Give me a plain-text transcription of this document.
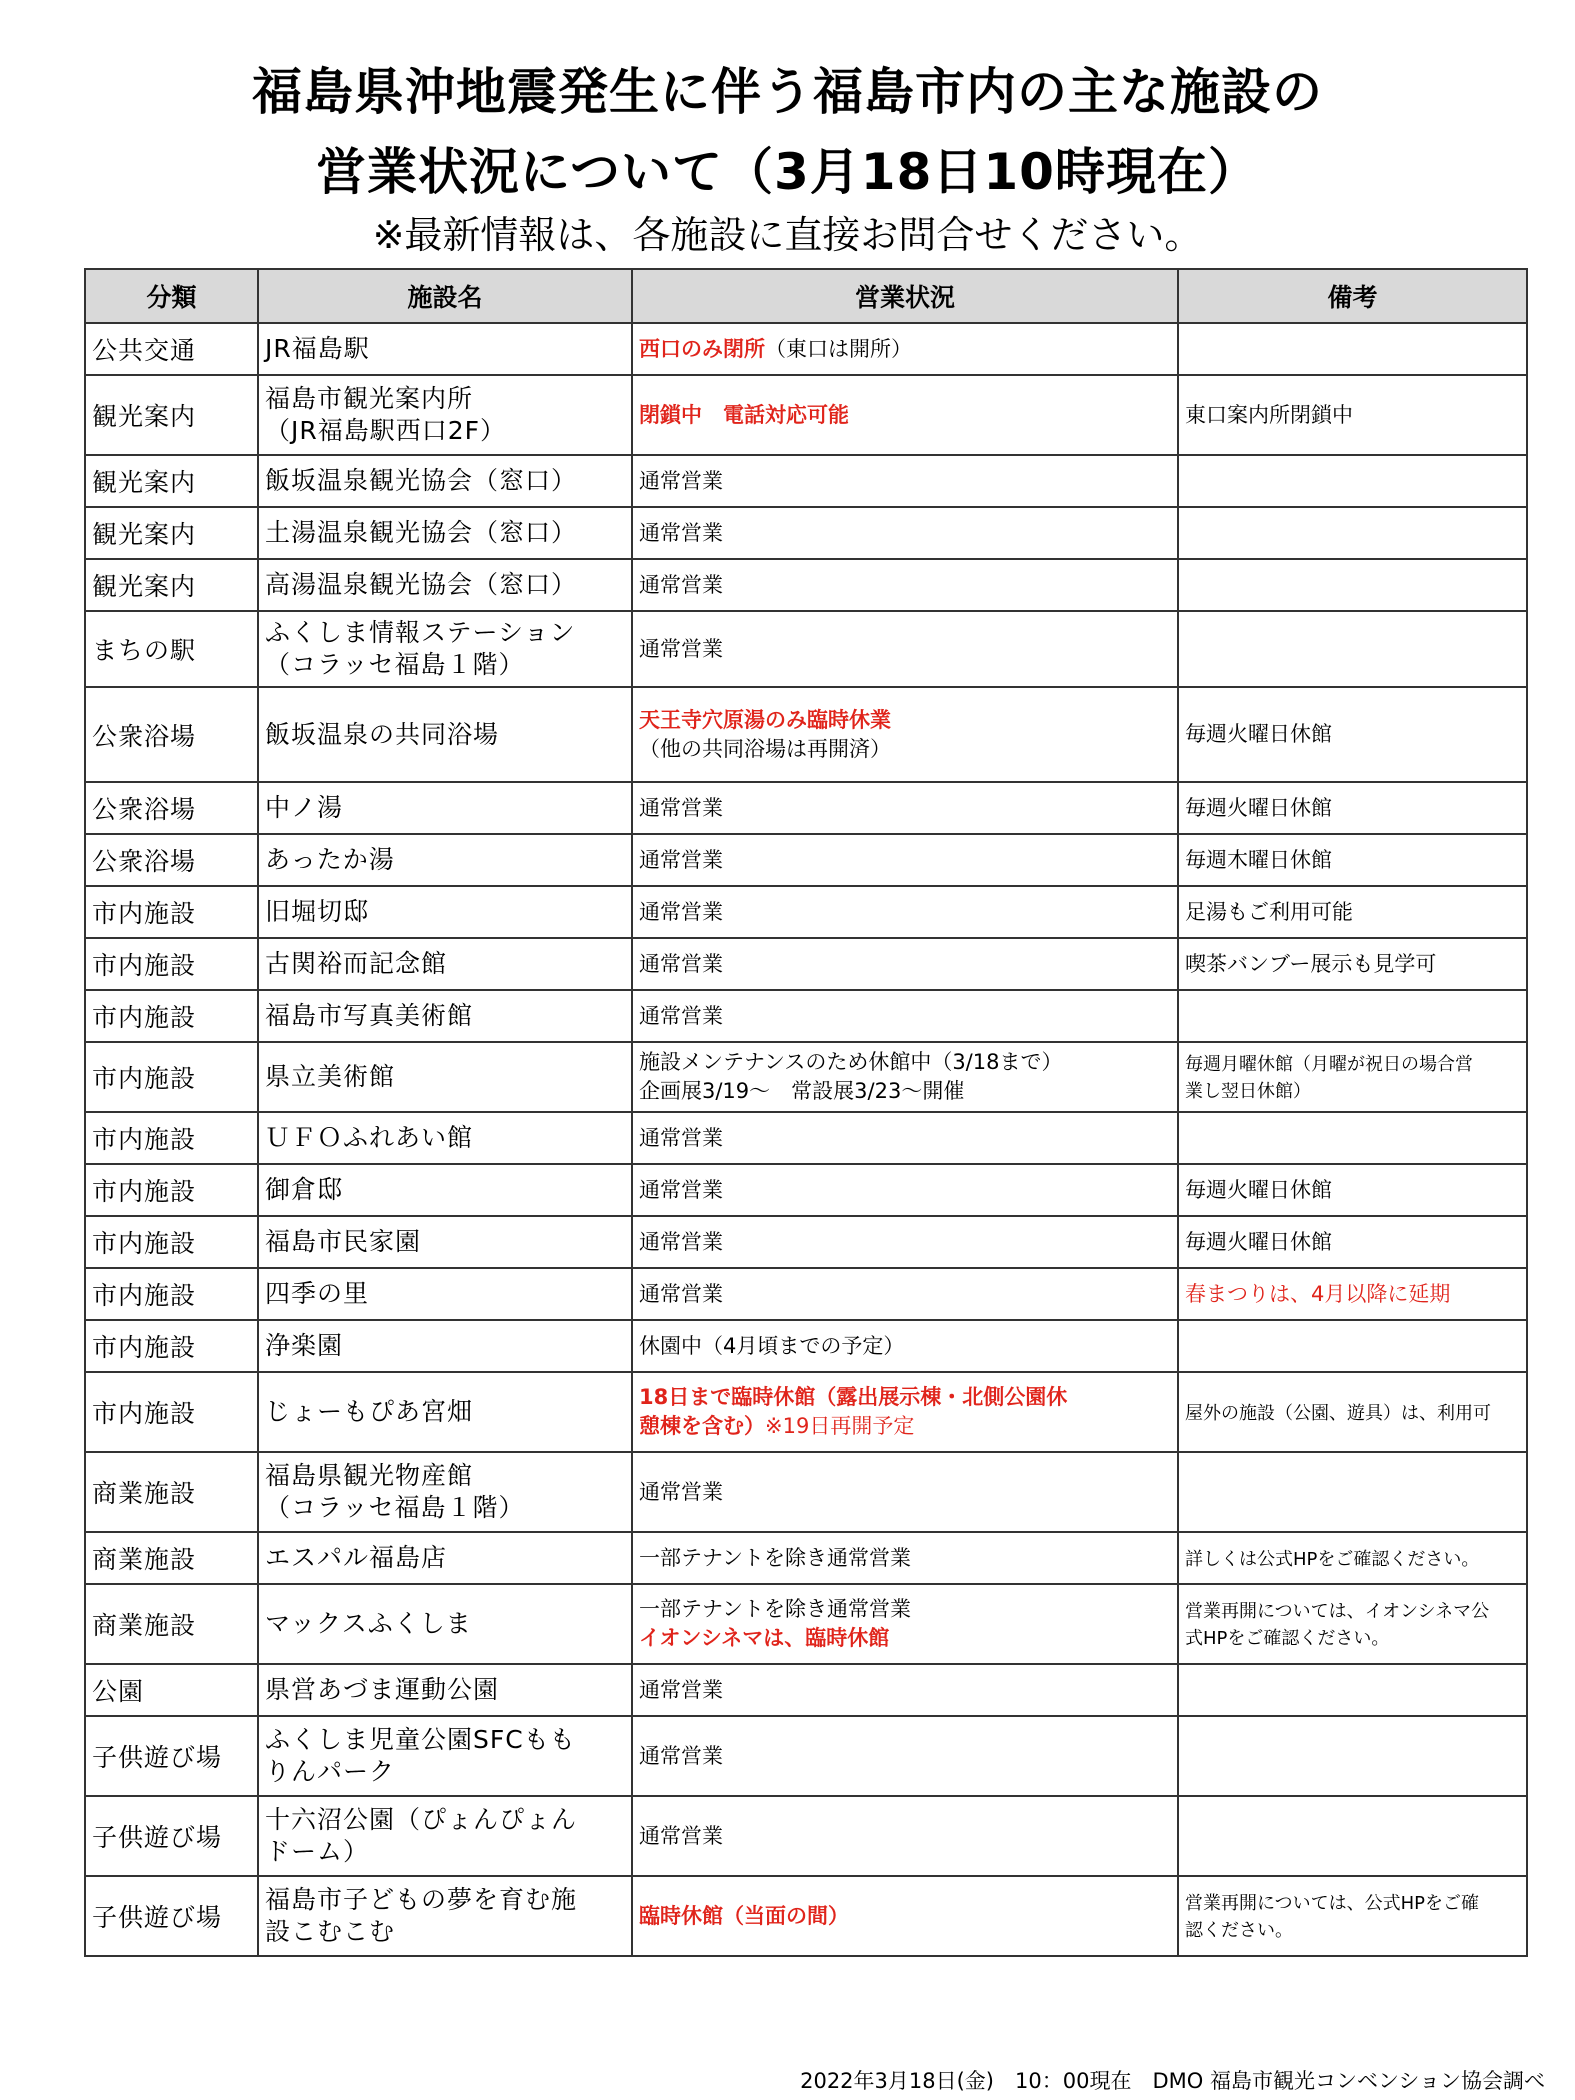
福島県沖地震発生に伴う福島市内の主な施設の
営業状況について（3月18日10時現在）
※最新情報は、各施設に直接お問合せください。
分類	施設名	営業状況	備考
公共交通	JR福島駅	西口のみ閉所（東口は開所）	

観光案内	福島市観光案内所
（JR福島駅西口2F）	閉鎖中　電話対応可能	東口案内所閉鎖中

観光案内	飯坂温泉観光協会（窓口）	通常営業	

観光案内	土湯温泉観光協会（窓口）	通常営業	

観光案内	高湯温泉観光協会（窓口）	通常営業	

まちの駅	ふくしま情報ステーション
（コラッセ福島１階）	通常営業	

公衆浴場	飯坂温泉の共同浴場	天王寺穴原湯のみ臨時休業
（他の共同浴場は再開済）	毎週火曜日休館

公衆浴場	中ノ湯	通常営業	毎週火曜日休館

公衆浴場	あったか湯	通常営業	毎週木曜日休館

市内施設	旧堀切邸	通常営業	足湯もご利用可能

市内施設	古関裕而記念館	通常営業	喫茶バンブー展示も見学可

市内施設	福島市写真美術館	通常営業	

市内施設	県立美術館	施設メンテナンスのため休館中（3/18まで）
企画展3/19～　常設展3/23～開催	毎週月曜休館（月曜が祝日の場合営
業し翌日休館）

市内施設	ＵＦＯふれあい館	通常営業	

市内施設	御倉邸	通常営業	毎週火曜日休館

市内施設	福島市民家園	通常営業	毎週火曜日休館

市内施設	四季の里	通常営業	春まつりは、4月以降に延期

市内施設	浄楽園	休園中（4月頃までの予定）	

市内施設	じょーもぴあ宮畑	18日まで臨時休館（露出展示棟・北側公園休
憩棟を含む）※19日再開予定	屋外の施設（公園、遊具）は、利用可

商業施設	福島県観光物産館
（コラッセ福島１階）	通常営業	

商業施設	エスパル福島店	一部テナントを除き通常営業	詳しくは公式HPをご確認ください。

商業施設	マックスふくしま	一部テナントを除き通常営業
イオンシネマは、臨時休館	営業再開については、イオンシネマ公
式HPをご確認ください。

公園	県営あづま運動公園	通常営業	

子供遊び場	ふくしま児童公園SFCもも
りんパーク	通常営業	

子供遊び場	十六沼公園（ぴょんぴょん
ドーム）	通常営業	

子供遊び場	福島市子どもの夢を育む施
設こむこむ	臨時休館（当面の間）	営業再開については、公式HPをご確
認ください。
2022年3月18日(金)　10：00現在　DMO 福島市観光コンベンション協会調べ
